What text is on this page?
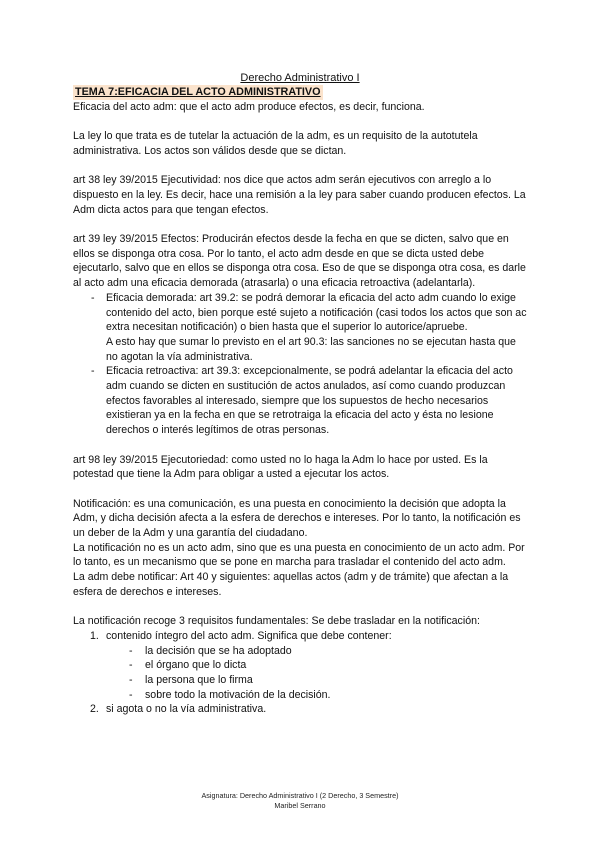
Derecho Administrativo I

TEMA 7:EFICACIA DEL ACTO ADMINISTRATIVO

Eficacia del acto adm: que el acto adm produce efectos, es decir, funciona.

La ley lo que trata es de tutelar la actuación de la adm, es un requisito de la autotutela administrativa. Los actos son válidos desde que se dictan.

art 38 ley 39/2015 Ejecutividad: nos dice que actos adm serán ejecutivos con arreglo a lo dispuesto en la ley. Es decir, hace una remisión a la ley para saber cuando producen efectos. La Adm dicta actos para que tengan efectos.

art 39 ley 39/2015 Efectos: Producirán efectos desde la fecha en que se dicten, salvo que en ellos se disponga otra cosa. Por lo tanto, el acto adm desde en que se dicta usted debe ejecutarlo, salvo que en ellos se disponga otra cosa. Eso de que se disponga otra cosa, es darle al acto adm una eficacia demorada (atrasarla) o una eficacia retroactiva (adelantarla).

- Eficacia demorada: art 39.2: se podrá demorar la eficacia del acto adm cuando lo exige contenido del acto, bien porque esté sujeto a notificación (casi todos los actos que son ac extra necesitan notificación) o bien hasta que el superior lo autorice/apruebe.

A esto hay que sumar lo previsto en el art 90.3: las sanciones no se ejecutan hasta que no agotan la vía administrativa.

- Eficacia retroactiva: art 39.3: excepcionalmente, se podrá adelantar la eficacia del acto adm cuando se dicten en sustitución de actos anulados, así como cuando produzcan efectos favorables al interesado, siempre que los supuestos de hecho necesarios existieran ya en la fecha en que se retrotraiga la eficacia del acto y ésta no lesione derechos o interés legítimos de otras personas.

art 98 ley 39/2015 Ejecutoriedad: como usted no lo haga la Adm lo hace por usted. Es la potestad que tiene la Adm para obligar a usted a ejecutar los actos.

Notificación: es una comunicación, es una puesta en conocimiento la decisión que adopta la Adm, y dicha decisión afecta a la esfera de derechos e intereses. Por lo tanto, la notificación es un deber de la Adm y una garantía del ciudadano.

La notificación no es un acto adm, sino que es una puesta en conocimiento de un acto adm. Por lo tanto, es un mecanismo que se pone en marcha para trasladar el contenido del acto adm.

La adm debe notificar: Art 40 y siguientes: aquellas actos (adm y de trámite) que afectan a la esfera de derechos e intereses.

La notificación recoge 3 requisitos fundamentales: Se debe trasladar en la notificación:

1. contenido íntegro del acto adm. Significa que debe contener:
- la decisión que se ha adoptado
- el órgano que lo dicta
- la persona que lo firma
- sobre todo la motivación de la decisión.
2. si agota o no la vía administrativa.
Asignatura: Derecho Administrativo I (2 Derecho, 3 Semestre)
Maribel Serrano
